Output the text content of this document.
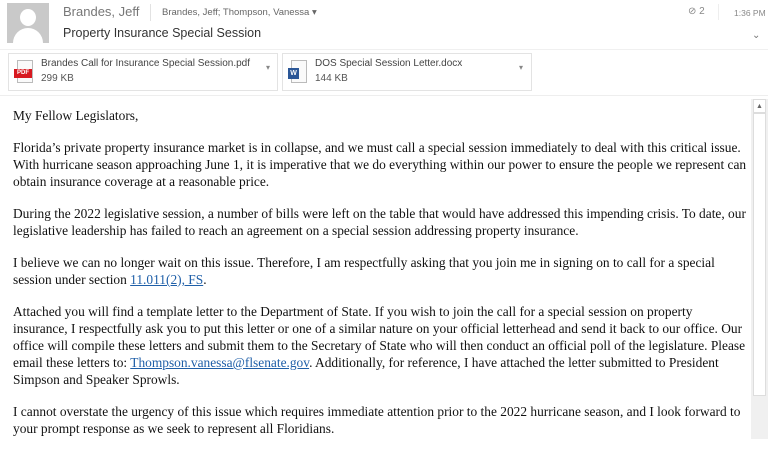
Brandes, Jeff Brandes, Jeff; Thompson, Vanessa ▾
Property Insurance Special Session
⊘ 2	1:36 PM
⌄
PDF
Brandes Call for Insurance Special Session.pdf
299 KB
▾
W
DOS Special Session Letter.docx
144 KB
▾

My Fellow Legislators,

Florida’s private property insurance market is in collapse, and we must call a special session immediately to deal with this critical issue. With hurricane season approaching June 1, it is imperative that we do everything within our power to ensure the people we represent can obtain insurance coverage at a reasonable price.

During the 2022 legislative session, a number of bills were left on the table that would have addressed this impending crisis. To date, our legislative leadership has failed to reach an agreement on a special session addressing property insurance.

I believe we can no longer wait on this issue. Therefore, I am respectfully asking that you join me in signing on to call for a special session under section 11.011(2), FS.

Attached you will find a template letter to the Department of State. If you wish to join the call for a special session on property insurance, I respectfully ask you to put this letter or one of a similar nature on your official letterhead and send it back to our office. Our office will compile these letters and submit them to the Secretary of State who will then conduct an official poll of the legislature. Please email these letters to: Thompson.vanessa@flsenate.gov. Additionally, for reference, I have attached the letter submitted to President Simpson and Speaker Sprowls.

I cannot overstate the urgency of this issue which requires immediate attention prior to the 2022 hurricane season, and I look forward to your prompt response as we seek to represent all Floridians.

▲
